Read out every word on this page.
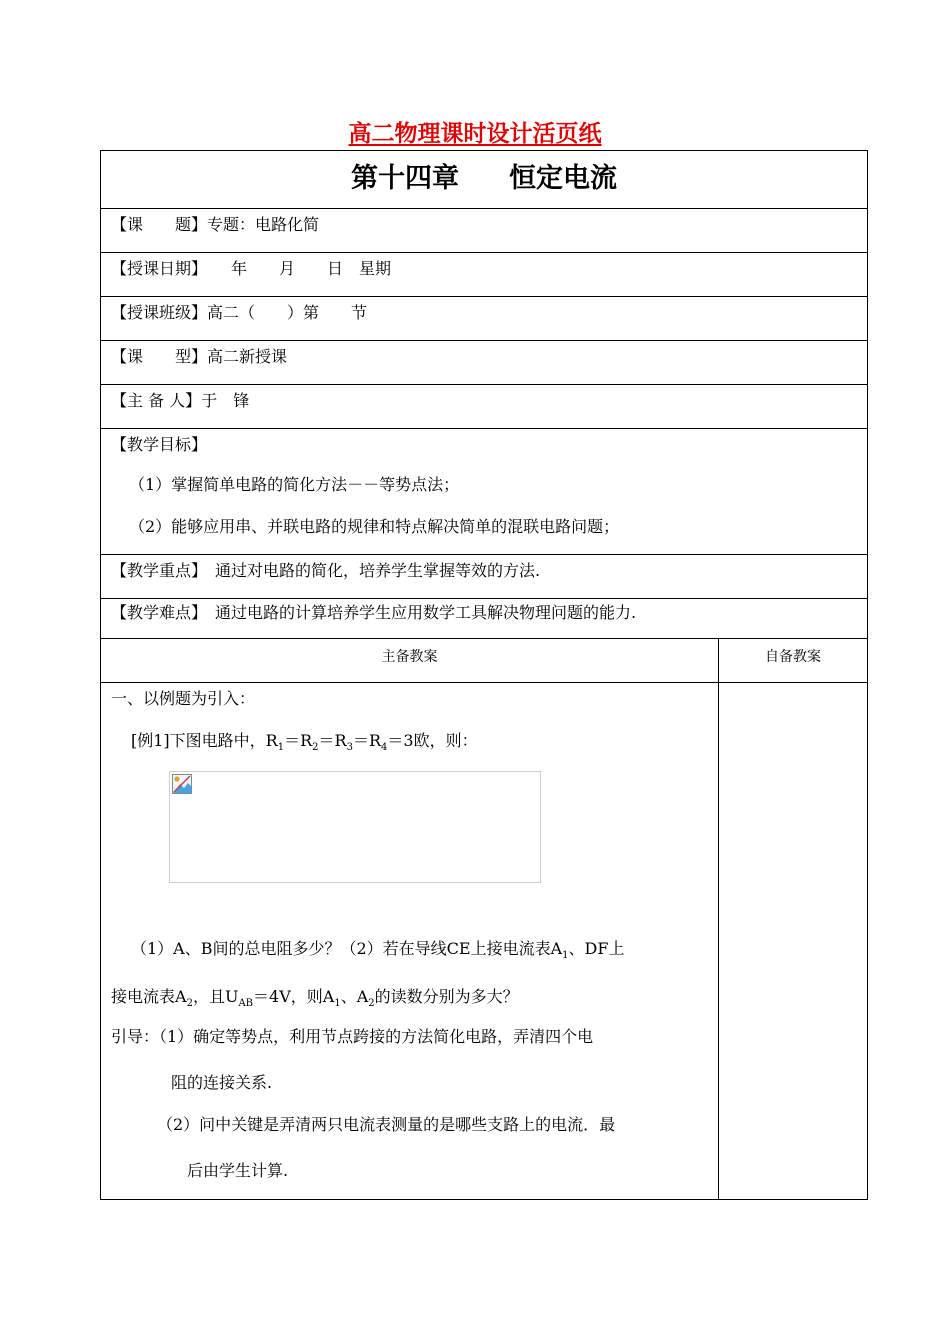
高二物理课时设计活页纸
第十四章 恒定电流
【课　　题】专题：电路化简
【授课日期】　　年　　月　　日　星期
【授课班级】高二（　　）第　　节
【课　　型】高二新授课
【主 备 人】于　锋
【教学目标】
（1）掌握简单电路的简化方法－－等势点法；
（2）能够应用串、并联电路的规律和特点解决简单的混联电路问题；
【教学重点】　通过对电路的简化，培养学生掌握等效的方法.
【教学难点】　通过电路的计算培养学生应用数学工具解决物理问题的能力.
主备教案	自备教案
一、以例题为引入：
[例1]下图电路中，$R_1=R_2=R_3=R_4=3$欧，则：
（1）A、B间的总电阻多少？（2）若在导线CE上接电流表$A_1$、DF上
接电流表$A_2$，且$U_{AB}=4V$，则$A_1$、$A_2$的读数分别为多大？
引导：（1）确定等势点，利用节点跨接的方法简化电路，弄清四个电
阻的连接关系.
（2）问中关键是弄清两只电流表测量的是哪些支路上的电流．最
后由学生计算.
